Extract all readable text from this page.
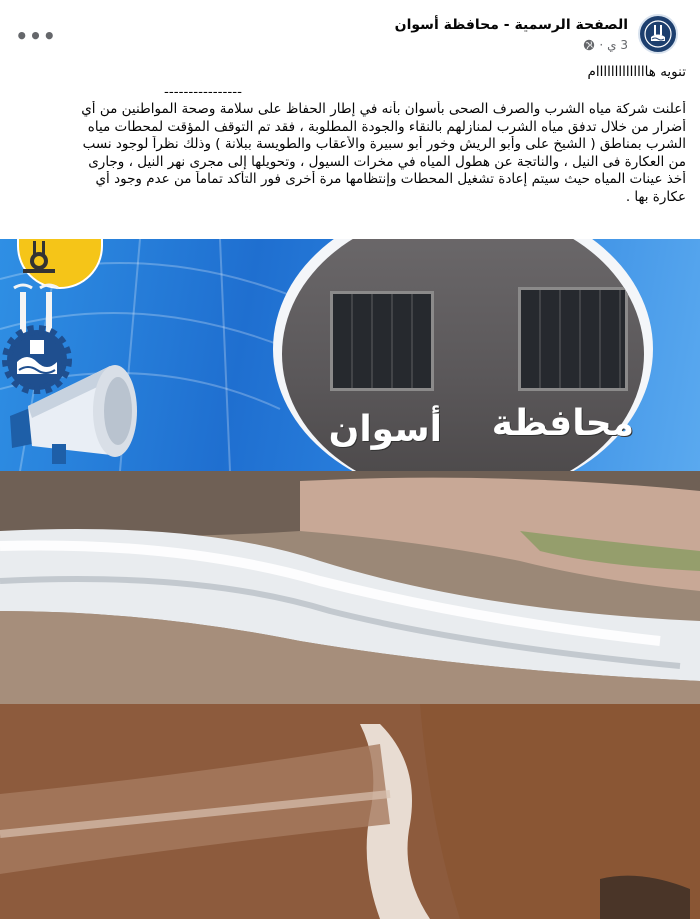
الصفحة الرسمية - محافظة أسوان
3 ي
·
•••
تنويه هاااااااااااااام
----------------
أعلنت شركة مياه الشرب والصرف الصحى بأسوان بأنه في إطار الحفاظ على سلامة وصحة المواطنين من أي
أضرار من خلال تدفق مياه الشرب لمنازلهم بالنقاء والجودة المطلوبة ، فقد تم التوقف المؤقت لمحطات مياه
الشرب بمناطق ( الشيخ على وأبو الريش وخور أبو سبيرة والأعقاب والطويسة ببلانة ) وذلك نظراً لوجود نسب
من العكارة فى النيل ، والناتجة عن هطول المياه في مخرات السيول ، وتحويلها إلى مجرى نهر النيل ، وجارى
أخذ عينات المياه حيث سيتم إعادة تشغيل المحطات وإنتظامها مرة أخرى فور التأكد تماماً من عدم وجود أي
عكارة بها .
محافظة
أسوان
